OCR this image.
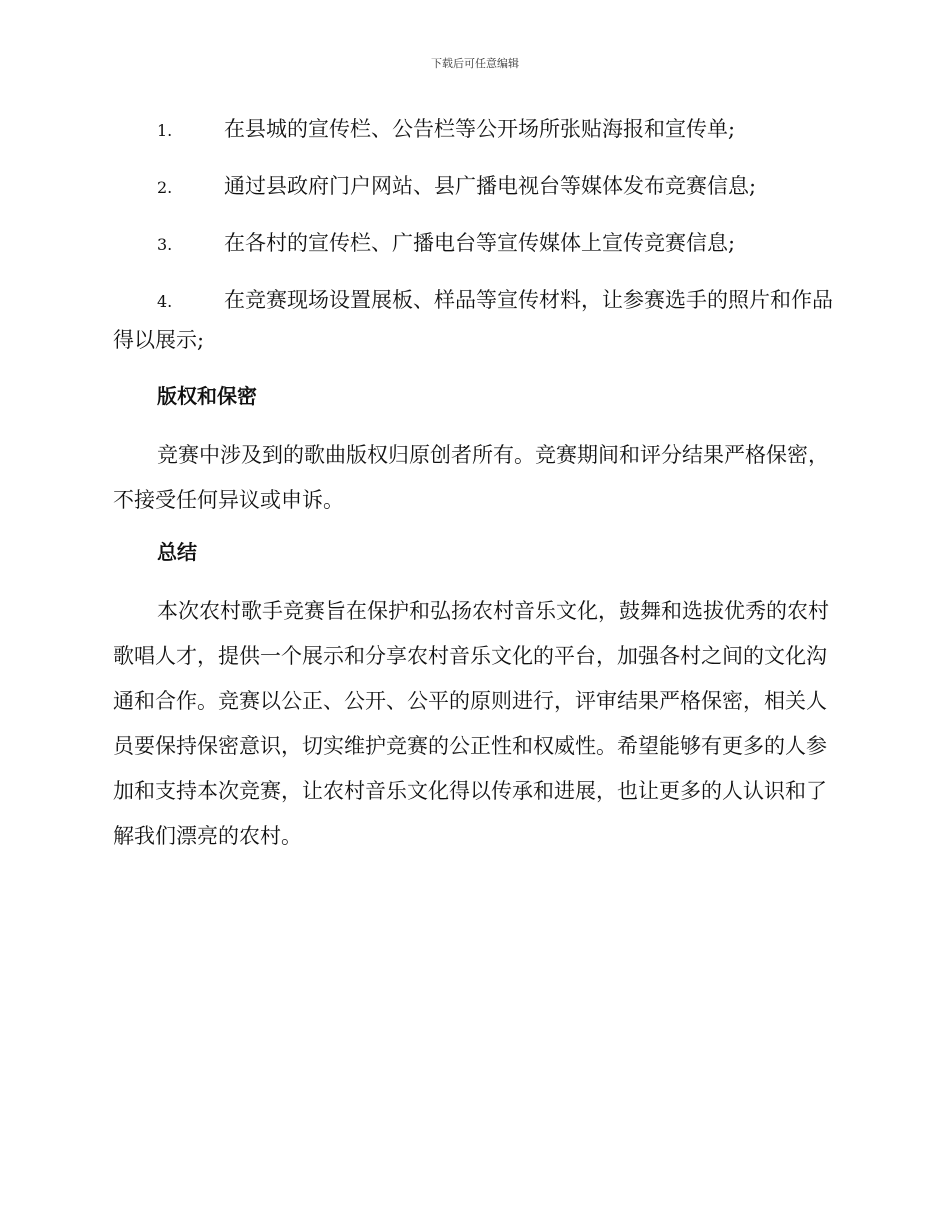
下载后可任意编辑

1. 在县城的宣传栏、公告栏等公开场所张贴海报和宣传单;

2. 通过县政府门户网站、县广播电视台等媒体发布竞赛信息;

3. 在各村的宣传栏、广播电台等宣传媒体上宣传竞赛信息;

4. 在竞赛现场设置展板、样品等宣传材料，让参赛选手的照片和作品得以展示;

版权和保密

竞赛中涉及到的歌曲版权归原创者所有。竞赛期间和评分结果严格保密，不接受任何异议或申诉。

总结

本次农村歌手竞赛旨在保护和弘扬农村音乐文化，鼓舞和选拔优秀的农村歌唱人才，提供一个展示和分享农村音乐文化的平台，加强各村之间的文化沟通和合作。竞赛以公正、公开、公平的原则进行，评审结果严格保密，相关人员要保持保密意识，切实维护竞赛的公正性和权威性。希望能够有更多的人参加和支持本次竞赛，让农村音乐文化得以传承和进展，也让更多的人认识和了解我们漂亮的农村。
